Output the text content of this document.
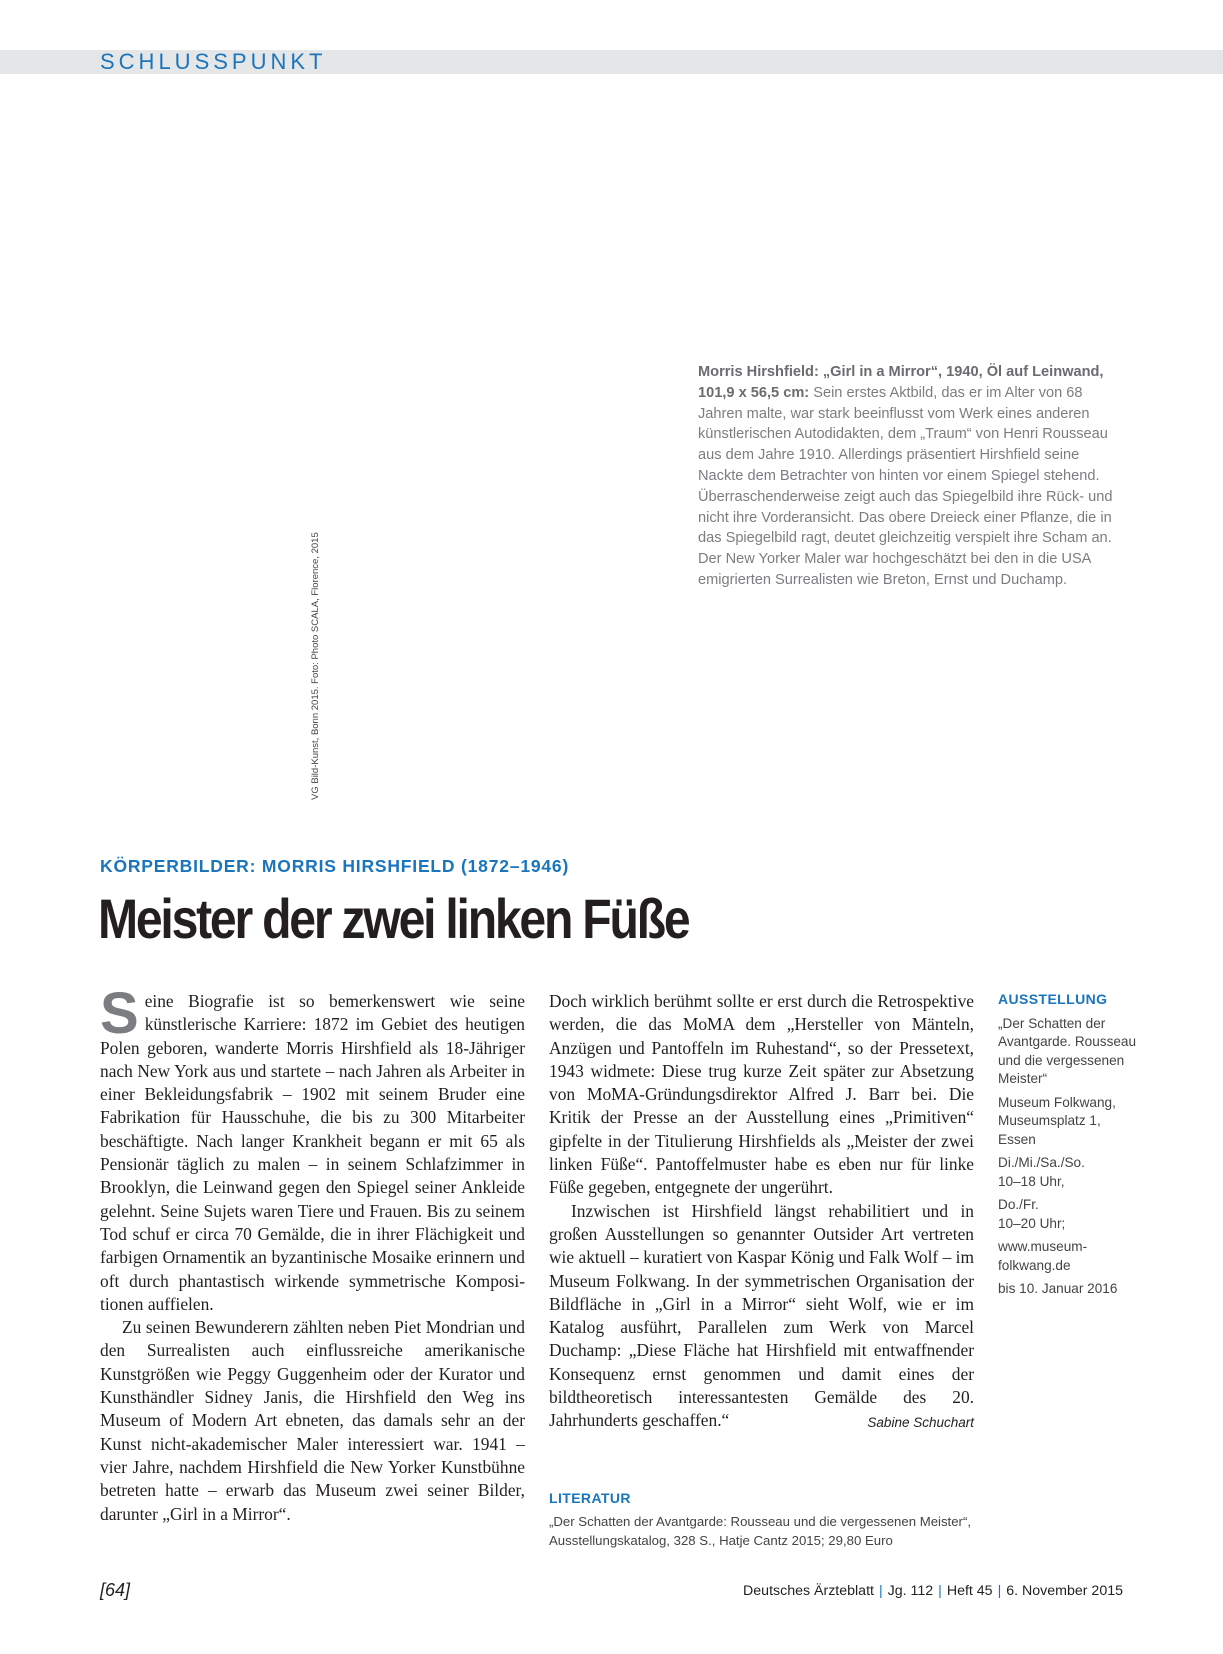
SCHLUSSPUNKT
Morris Hirshfield: „Girl in a Mirror“, 1940, Öl auf Leinwand, 101,9 x 56,5 cm: Sein erstes Aktbild, das er im Alter von 68 Jahren malte, war stark beeinflusst vom Werk eines anderen künstlerischen Autodidakten, dem „Traum“ von Henri Rousseau aus dem Jahre 1910. Allerdings präsentiert Hirshfield seine Nackte dem Betrachter von hinten vor einem Spiegel stehend. Überraschenderweise zeigt auch das Spiegelbild ihre Rück- und nicht ihre Vorderansicht. Das obere Dreieck einer Pflanze, die in das Spiegelbild ragt, deutet gleichzeitig verspielt ihre Scham an. Der New Yorker Maler war hochgeschätzt bei den in die USA emigrierten Surrealisten wie Breton, Ernst und Duchamp.
VG Bild-Kunst, Bonn 2015. Foto: Photo SCALA, Florence, 2015
KÖRPERBILDER: MORRIS HIRSHFIELD (1872–1946)
Meister der zwei linken Füße

Seine Biografie ist so bemerkenswert wie seine künstlerische Karriere: 1872 im Gebiet des heutigen Polen geboren, wanderte Morris Hirshfield als 18-Jähriger nach New York aus und startete – nach Jahren als Arbeiter in einer Bekleidungsfabrik – 1902 mit seinem Bruder eine Fabrikation für Hausschuhe, die bis zu 300 Mitarbeiter beschäftigte. Nach langer Krankheit begann er mit 65 als Pensionär täglich zu malen – in seinem Schlafzimmer in Brooklyn, die Leinwand gegen den Spiegel seiner Ankleide gelehnt. Seine Sujets waren Tiere und Frauen. Bis zu seinem Tod schuf er circa 70 Gemälde, die in ihrer Flächigkeit und farbigen Ornamentik an byzantinische Mosaike erinnern und oft durch phantastisch wirkende symmetrische Kompositionen auffielen.

Zu seinen Bewunderern zählten neben Piet Mondrian und den Surrealisten auch einflussreiche amerikanische Kunstgrößen wie Peggy Guggenheim oder der Kurator und Kunsthändler Sidney Janis, die Hirshfield den Weg ins Museum of Modern Art ebneten, das damals sehr an der Kunst nicht-akademischer Maler interessiert war. 1941 – vier Jahre, nachdem Hirshfield die New Yorker Kunstbühne betreten hatte – erwarb das Museum zwei seiner Bilder, darunter „Girl in a Mirror“.

Doch wirklich berühmt sollte er erst durch die Retrospektive werden, die das MoMA dem „Hersteller von Mänteln, Anzügen und Pantoffeln im Ruhestand“, so der Pressetext, 1943 widmete: Diese trug kurze Zeit später zur Absetzung von MoMA-Gründungsdirektor Alfred J. Barr bei. Die Kritik der Presse an der Ausstellung eines „Primitiven“ gipfelte in der Titulierung Hirshfields als „Meister der zwei linken Füße“. Pantoffelmuster habe es eben nur für linke Füße gegeben, entgegnete der ungerührt.

Inzwischen ist Hirshfield längst rehabilitiert und in großen Ausstellungen so genannter Outsider Art vertreten wie aktuell – kuratiert von Kaspar König und Falk Wolf – im Museum Folkwang. In der symmetrischen Organisation der Bildfläche in „Girl in a Mirror“ sieht Wolf, wie er im Katalog ausführt, Parallelen zum Werk von Marcel Duchamp: „Diese Fläche hat Hirshfield mit entwaffnender Konsequenz ernst genommen und damit eines der bildtheoretisch interessantesten Gemälde des 20. Jahrhunderts geschaffen.“	Sabine Schuchart

LITERATUR
„Der Schatten der Avantgarde: Rousseau und die vergessenen Meister“, Ausstellungskatalog, 328 S., Hatje Cantz 2015; 29,80 Euro
AUSSTELLUNG
„Der Schatten der Avantgarde. Rousseau und die vergessenen Meister“
Museum Folkwang, Museumsplatz 1, Essen
Di./Mi./Sa./So.
10–18 Uhr,
Do./Fr.
10–20 Uhr;
www.museum-folkwang.de
bis 10. Januar 2016
[64]	Deutsches Ärzteblatt | Jg. 112 | Heft 45 | 6. November 2015
